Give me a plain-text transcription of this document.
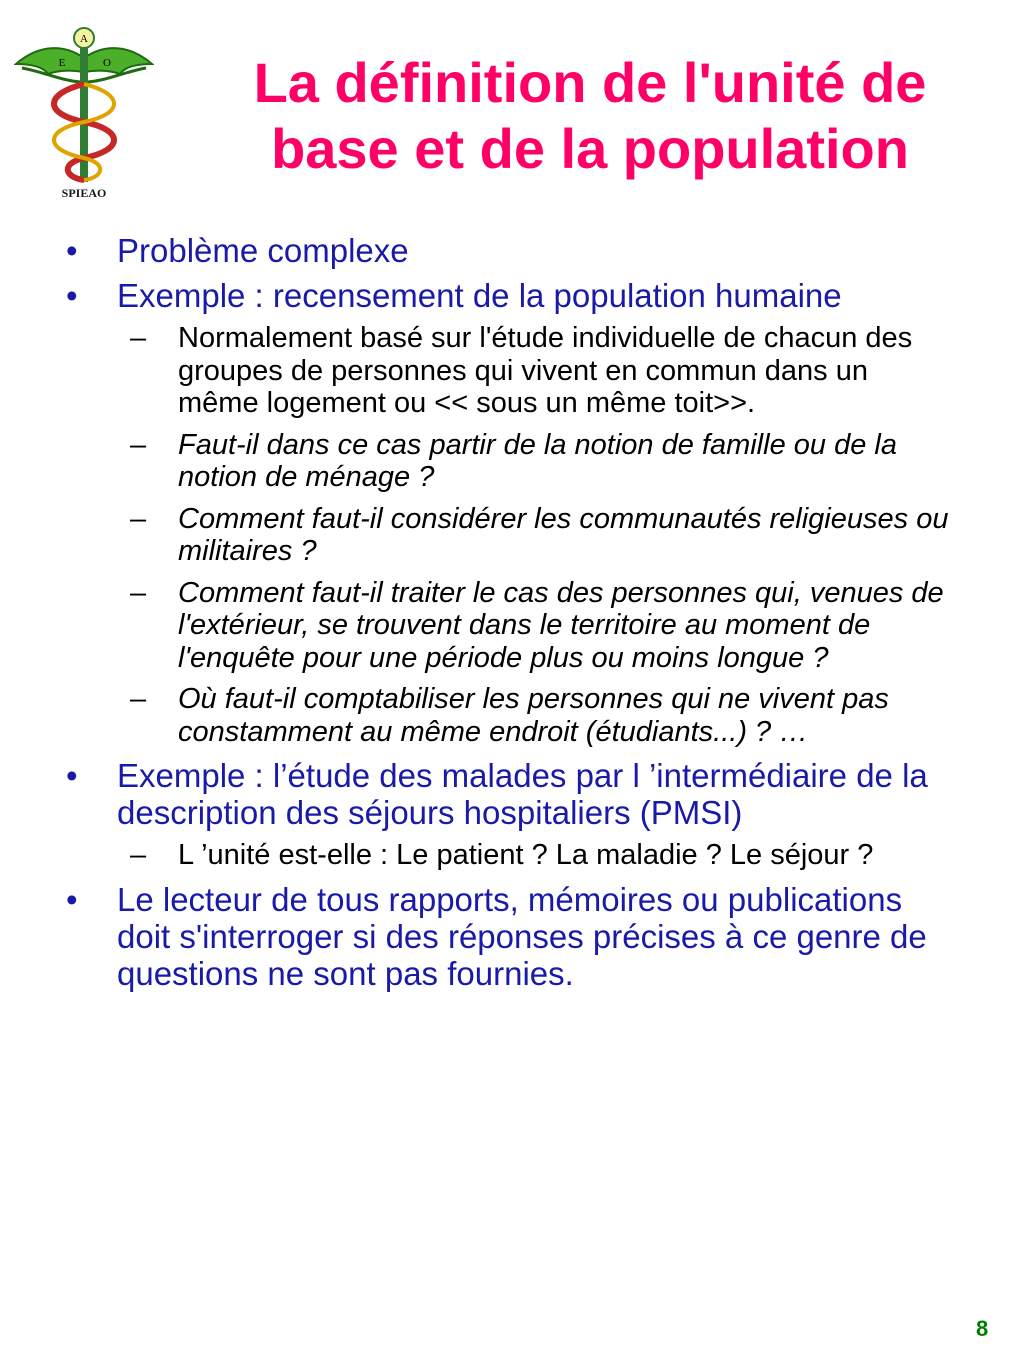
A
E	O
SPIEAO
La définition de l'unité de base et de la population
• Problème complexe
• Exemple : recensement de la population humaine
– Normalement basé sur l'étude individuelle de chacun des groupes de personnes qui vivent en commun dans un même logement ou << sous un même toit>>.
– Faut-il dans ce cas partir de la notion de famille ou de la notion de ménage ?
– Comment faut-il considérer les communautés religieuses ou militaires ?
– Comment faut-il traiter le cas des personnes qui, venues de l'extérieur, se trouvent dans le territoire au moment de l'enquête pour une période plus ou moins longue ?
– Où faut-il comptabiliser les personnes qui ne vivent pas constamment au même endroit (étudiants...) ? …
• Exemple : l’étude des malades par l ’intermédiaire de la description des séjours hospitaliers (PMSI)
– L ’unité est-elle : Le patient ? La maladie ? Le séjour ?
• Le lecteur de tous rapports, mémoires ou publications doit s'interroger si des réponses précises à ce genre de questions ne sont pas fournies.
8
